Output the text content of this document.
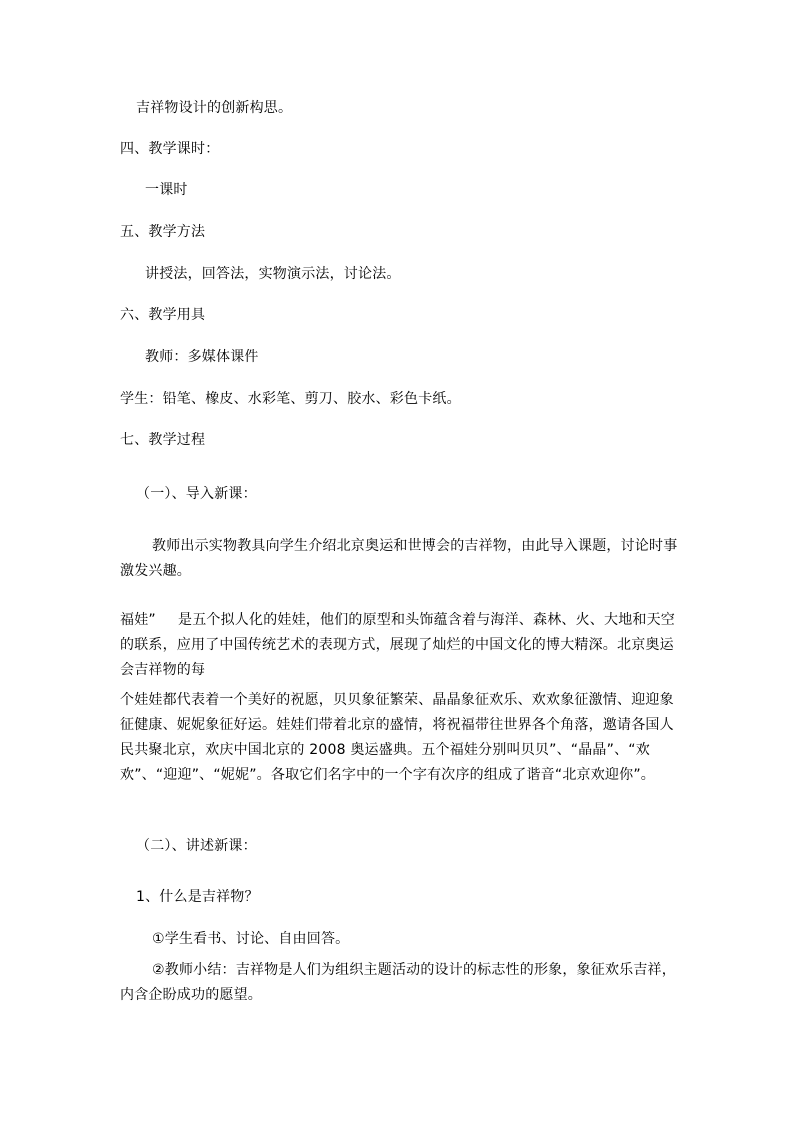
吉祥物设计的创新构思。
四、教学课时：
一课时
五、教学方法
讲授法，回答法，实物演示法，讨论法。
六、教学用具
教师：多媒体课件
学生：铅笔、橡皮、水彩笔、剪刀、胶水、彩色卡纸。
七、教学过程
（一）、导入新课：
教师出示实物教具向学生介绍北京奥运和世博会的吉祥物，由此导入课题，讨论时事激发兴趣。
福娃” 是五个拟人化的娃娃，他们的原型和头饰蕴含着与海洋、森林、火、大地和天空的联系，应用了中国传统艺术的表现方式，展现了灿烂的中国文化的博大精深。北京奥运会吉祥物的每
个娃娃都代表着一个美好的祝愿，贝贝象征繁荣、晶晶象征欢乐、欢欢象征激情、迎迎象征健康、妮妮象征好运。娃娃们带着北京的盛情，将祝福带往世界各个角落，邀请各国人民共聚北京，欢庆中国北京的 2008 奥运盛典。五个福娃分别叫贝贝”、“晶晶”、“欢欢”、“迎迎”、“妮妮”。各取它们名字中的一个字有次序的组成了谐音“北京欢迎你”。
（二）、讲述新课：
1、什么是吉祥物？
①学生看书、讨论、自由回答。
②教师小结：吉祥物是人们为组织主题活动的设计的标志性的形象，象征欢乐吉祥，内含企盼成功的愿望。
